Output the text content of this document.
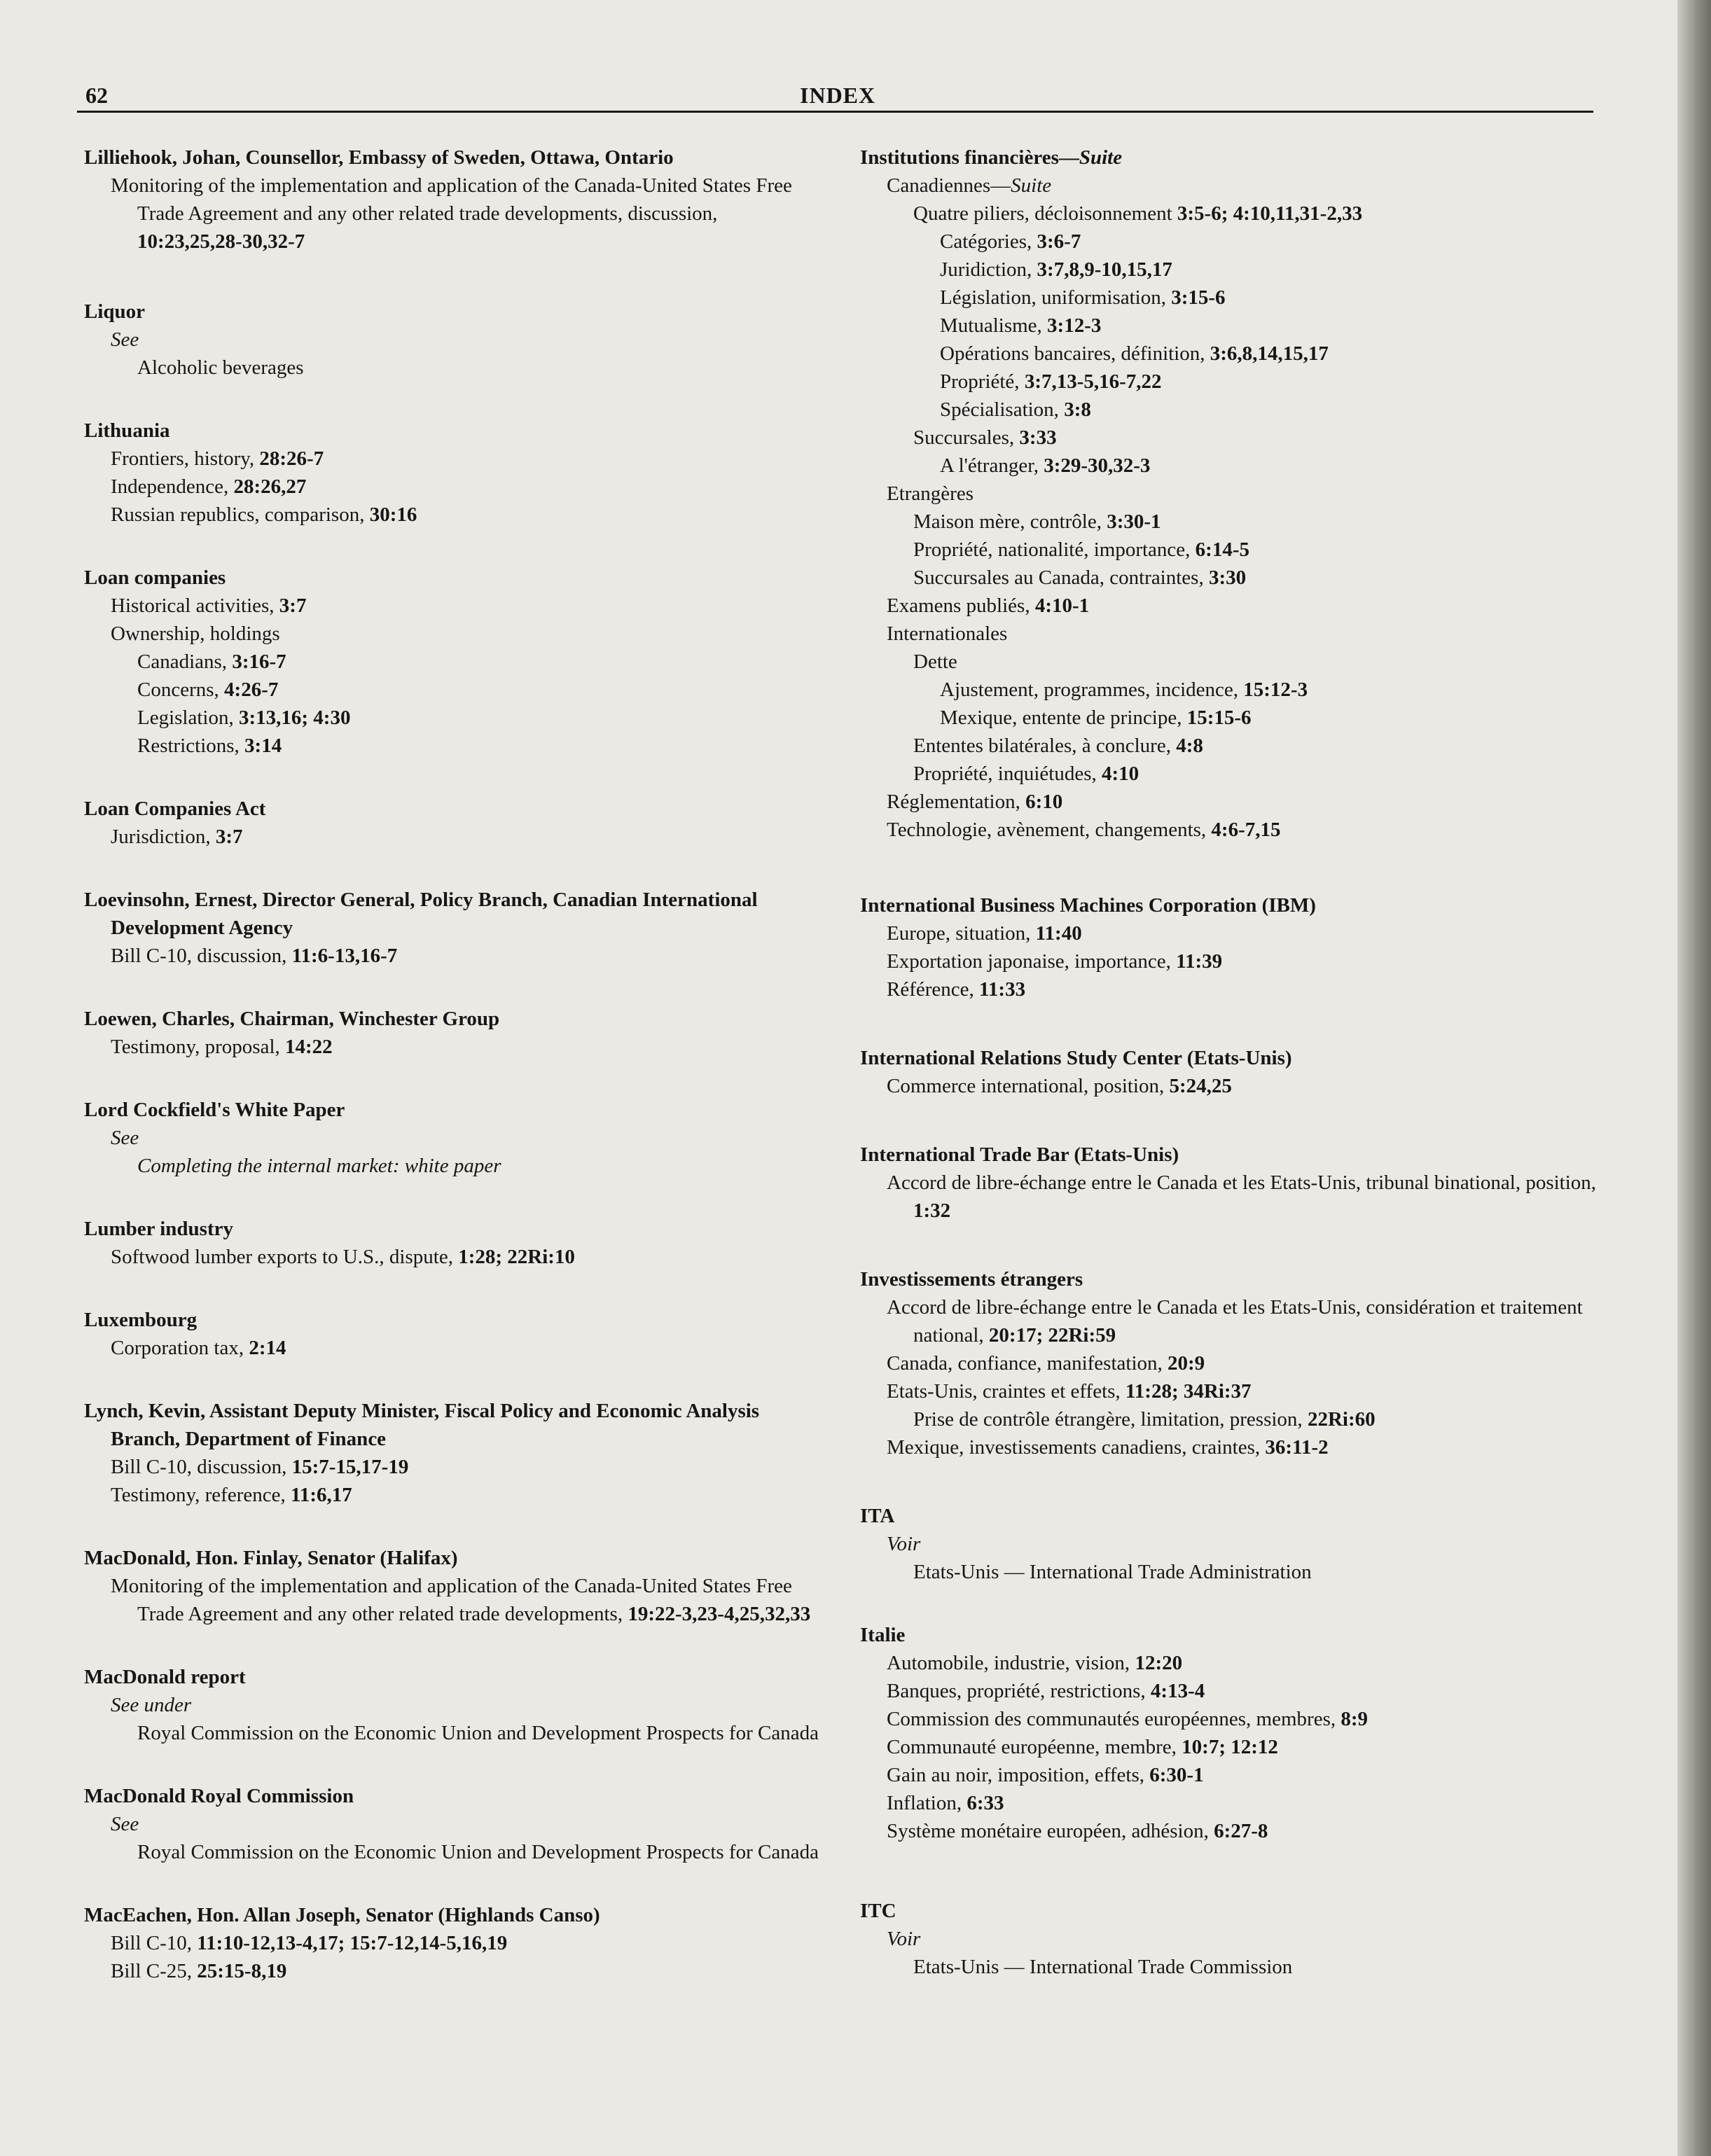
62	INDEX
Lilliehook, Johan, Counsellor, Embassy of Sweden, Ottawa, Ontario
Monitoring of the implementation and application of the Canada-United States Free Trade Agreement and any other related trade developments, discussion, 10:23,25,28-30,32-7
Liquor
See
Alcoholic beverages
Lithuania
Frontiers, history, 28:26-7
Independence, 28:26,27
Russian republics, comparison, 30:16
Loan companies
Historical activities, 3:7
Ownership, holdings
Canadians, 3:16-7
Concerns, 4:26-7
Legislation, 3:13,16; 4:30
Restrictions, 3:14
Loan Companies Act
Jurisdiction, 3:7
Loevinsohn, Ernest, Director General, Policy Branch, Canadian International Development Agency
Bill C-10, discussion, 11:6-13,16-7
Loewen, Charles, Chairman, Winchester Group
Testimony, proposal, 14:22
Lord Cockfield's White Paper
See
Completing the internal market: white paper
Lumber industry
Softwood lumber exports to U.S., dispute, 1:28; 22Ri:10
Luxembourg
Corporation tax, 2:14
Lynch, Kevin, Assistant Deputy Minister, Fiscal Policy and Economic Analysis Branch, Department of Finance
Bill C-10, discussion, 15:7-15,17-19
Testimony, reference, 11:6,17
MacDonald, Hon. Finlay, Senator (Halifax)
Monitoring of the implementation and application of the Canada-United States Free Trade Agreement and any other related trade developments, 19:22-3,23-4,25,32,33
MacDonald report
See under
Royal Commission on the Economic Union and Development Prospects for Canada
MacDonald Royal Commission
See
Royal Commission on the Economic Union and Development Prospects for Canada
MacEachen, Hon. Allan Joseph, Senator (Highlands Canso)
Bill C-10, 11:10-12,13-4,17; 15:7-12,14-5,16,19
Bill C-25, 25:15-8,19
Institutions financières—Suite
Canadiennes—Suite
Quatre piliers, décloisonnement 3:5-6; 4:10,11,31-2,33
Catégories, 3:6-7
Juridiction, 3:7,8,9-10,15,17
Législation, uniformisation, 3:15-6
Mutualisme, 3:12-3
Opérations bancaires, définition, 3:6,8,14,15,17
Propriété, 3:7,13-5,16-7,22
Spécialisation, 3:8
Succursales, 3:33
A l'étranger, 3:29-30,32-3
Etrangères
Maison mère, contrôle, 3:30-1
Propriété, nationalité, importance, 6:14-5
Succursales au Canada, contraintes, 3:30
Examens publiés, 4:10-1
Internationales
Dette
Ajustement, programmes, incidence, 15:12-3
Mexique, entente de principe, 15:15-6
Ententes bilatérales, à conclure, 4:8
Propriété, inquiétudes, 4:10
Réglementation, 6:10
Technologie, avènement, changements, 4:6-7,15
International Business Machines Corporation (IBM)
Europe, situation, 11:40
Exportation japonaise, importance, 11:39
Référence, 11:33
International Relations Study Center (Etats-Unis)
Commerce international, position, 5:24,25
International Trade Bar (Etats-Unis)
Accord de libre-échange entre le Canada et les Etats-Unis, tribunal binational, position, 1:32
Investissements étrangers
Accord de libre-échange entre le Canada et les Etats-Unis, considération et traitement national, 20:17; 22Ri:59
Canada, confiance, manifestation, 20:9
Etats-Unis, craintes et effets, 11:28; 34Ri:37
Prise de contrôle étrangère, limitation, pression, 22Ri:60
Mexique, investissements canadiens, craintes, 36:11-2
ITA
Voir
Etats-Unis — International Trade Administration
Italie
Automobile, industrie, vision, 12:20
Banques, propriété, restrictions, 4:13-4
Commission des communautés européennes, membres, 8:9
Communauté européenne, membre, 10:7; 12:12
Gain au noir, imposition, effets, 6:30-1
Inflation, 6:33
Système monétaire européen, adhésion, 6:27-8
ITC
Voir
Etats-Unis — International Trade Commission
